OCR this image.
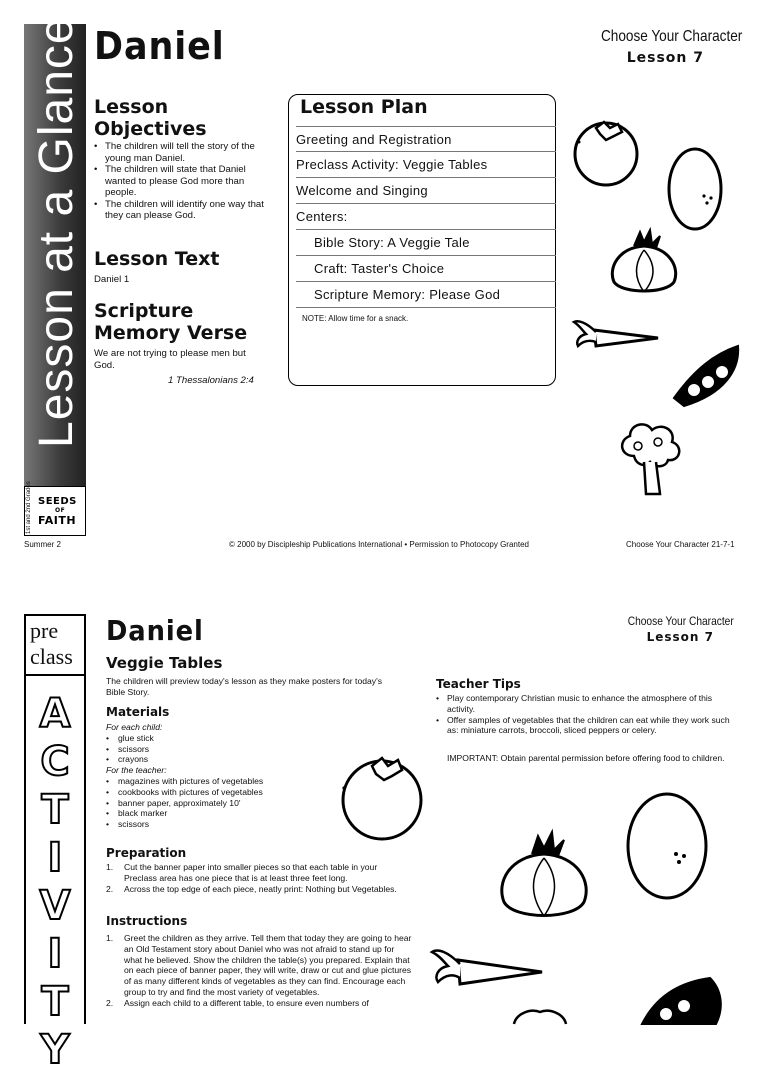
Lesson at a Glance
1st and 2nd Grades SEEDS
OF
FAITH
Daniel	Choose Your Character
Lesson 7
Lesson Objectives
• The children will tell the story of the young man Daniel.
• The children will state that Daniel wanted to please God more than people.
• The children will identify one way that they can please God.
Lesson Text
Daniel 1
Scripture Memory Verse
We are not trying to please men but God.
1 Thessalonians 2:4
Lesson Plan
Greeting and Registration
Preclass Activity: Veggie Tables
Welcome and Singing
Centers:
Bible Story: A Veggie Tale
Craft: Taster's Choice
Scripture Memory: Please God
NOTE: Allow time for a snack.
Summer 2	© 2000 by Discipleship Publications International • Permission to Photocopy Granted	Choose Your Character 21-7-1
pre
class
A
C
T
I
V
I
T
Y
Daniel	Choose Your Character
Lesson 7
Veggie Tables
The children will preview today's lesson as they make posters for today's Bible Story.
Materials
For each child:
• glue stick
• scissors
• crayons
For the teacher:
• magazines with pictures of vegetables
• cookbooks with pictures of vegetables
• banner paper, approximately 10'
• black marker
• scissors
Preparation
1. Cut the banner paper into smaller pieces so that each table in your Preclass area has one piece that is at least three feet long.
2. Across the top edge of each piece, neatly print: Nothing but Vegetables.
Instructions
1. Greet the children as they arrive. Tell them that today they are going to hear an Old Testament story about Daniel who was not afraid to stand up for what he believed. Show the children the table(s) you prepared. Explain that on each piece of banner paper, they will write, draw or cut and glue pictures of as many different kinds of vegetables as they can find. Encourage each group to try and find the most variety of vegetables.
2. Assign each child to a different table, to ensure even numbers of
Teacher Tips
• Play contemporary Christian music to enhance the atmosphere of this activity.
• Offer samples of vegetables that the children can eat while they work such as: miniature carrots, broccoli, sliced peppers or celery.
IMPORTANT: Obtain parental permission before offering food to children.
